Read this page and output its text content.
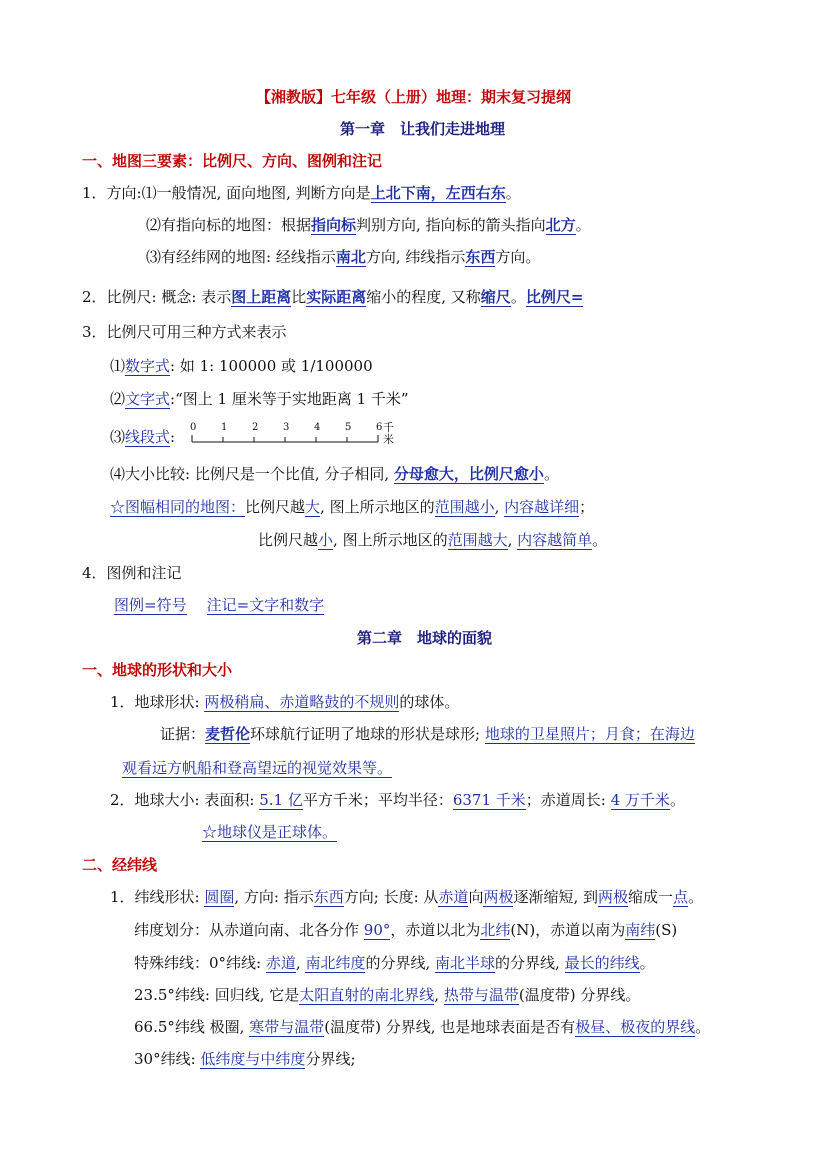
【湘教版】七年级（上册）地理：期末复习提纲
第一章　让我们走进地理
一、地图三要素：比例尺、方向、图例和注记
1．方向:⑴一般情况, 面向地图, 判断方向是上北下南，左西右东。
⑵有指向标的地图：根据指向标判别方向, 指向标的箭头指向北方。
⑶有经纬网的地图: 经线指示南北方向, 纬线指示东西方向。
2．比例尺: 概念: 表示图上距离比实际距离缩小的程度, 又称缩尺。比例尺=
3．比例尺可用三种方式来表示
⑴数字式: 如 1: 100000 或 1/100000
⑵文字式:“图上 1 厘米等于实地距离 1 千米”
⑶线段式:
0 1 2 3 4 5 6 千米
⑷大小比较: 比例尺是一个比值, 分子相同, 分母愈大，比例尺愈小。
☆图幅相同的地图：比例尺越大, 图上所示地区的范围越小, 内容越详细；
比例尺越小, 图上所示地区的范围越大, 内容越简单。
4．图例和注记
图例=符号 注记=文字和数字
第二章　地球的面貌
一、地球的形状和大小
1．地球形状: 两极稍扁、赤道略鼓的不规则的球体。
证据：麦哲伦环球航行证明了地球的形状是球形; 地球的卫星照片；月食；在海边
观看远方帆船和登高望远的视觉效果等。
2．地球大小: 表面积: 5.1 亿平方千米；平均半径：6371 千米；赤道周长: 4 万千米。
☆地球仪是正球体。
二、经纬线
1．纬线形状: 圆圈, 方向: 指示东西方向; 长度: 从赤道向两极逐渐缩短, 到两极缩成一点。
纬度划分：从赤道向南、北各分作 90°，赤道以北为北纬(N)，赤道以南为南纬(S)
特殊纬线：0°纬线: 赤道, 南北纬度的分界线, 南北半球的分界线, 最长的纬线。
23.5°纬线: 回归线, 它是太阳直射的南北界线, 热带与温带(温度带) 分界线。
66.5°纬线 极圈, 寒带与温带(温度带) 分界线, 也是地球表面是否有极昼、极夜的界线。
30°纬线: 低纬度与中纬度分界线;
